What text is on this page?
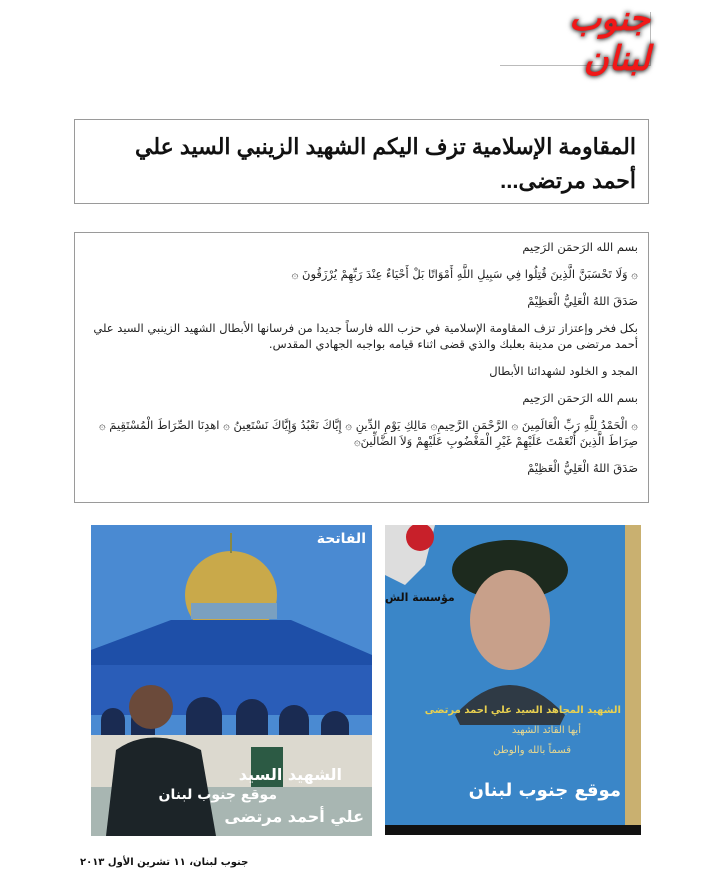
جنوب لبنان
المقاومة الإسلامية تزف اليكم الشهيد الزينبي السيد علي أحمد مرتضى...

بسم الله الرَحمَن الرَحِيم

۞ وَلَا تَحْسَبَنَّ الَّذِينَ قُتِلُوا فِي سَبِيلِ اللَّهِ أَمْوَاتًا بَلْ أَحْيَاءٌ عِنْدَ رَبِّهِمْ يُرْزَقُونَ ۞

صَدَقَ اللهُ الْعَلِيُّ الْعَظِيْمْ

بكل فخر وإعتزاز تزف المقاومة الإسلامية في حزب الله فارساً جديدا من فرسانها الأبطال الشهيد الزينبي السيد علي أحمد مرتضى من مدينة بعلبك والذي قضى اثناء قيامه بواجبه الجهادي المقدس.

المجد و الخلود لشهدائنا الأبطال

بسم الله الرَحمَن الرَحِيم

۞ الْحَمْدُ لِلَّهِ رَبِّ الْعَالَمِينَ ۞ الرَّحْمَنِ الرَّحِيمِ۞ مَالِكِ يَوْمِ الدِّينِ ۞ إِيَّاكَ نَعْبُدُ وَإِيَّاكَ نَسْتَعِينُ ۞ اهدِنَا الصِّرَاطَ الْمُسْتَقِيمَ ۞ صِرَاطَ الَّذِينَ أَنْعَمْتَ عَلَيْهِمْ غَيْرِ الْمَغْضُوبِ عَلَيْهِمْ وَلاَ الضَّالِّينَ۞

صَدَقَ اللهُ الْعَلِيُّ الْعَظِيْمْ

الفاتحة
الشهيد السيد
موقع جنوب لبنان
علي أحمد مرتضى
مؤسسة الش
الشهيد المجاهد السيد علي احمد مرتضى
أيها القائد الشهيد
قسماً بالله والوطن
موقع جنوب لبنان
جنوب لبنان، ١١ تشرين الأول ٢٠١٣
